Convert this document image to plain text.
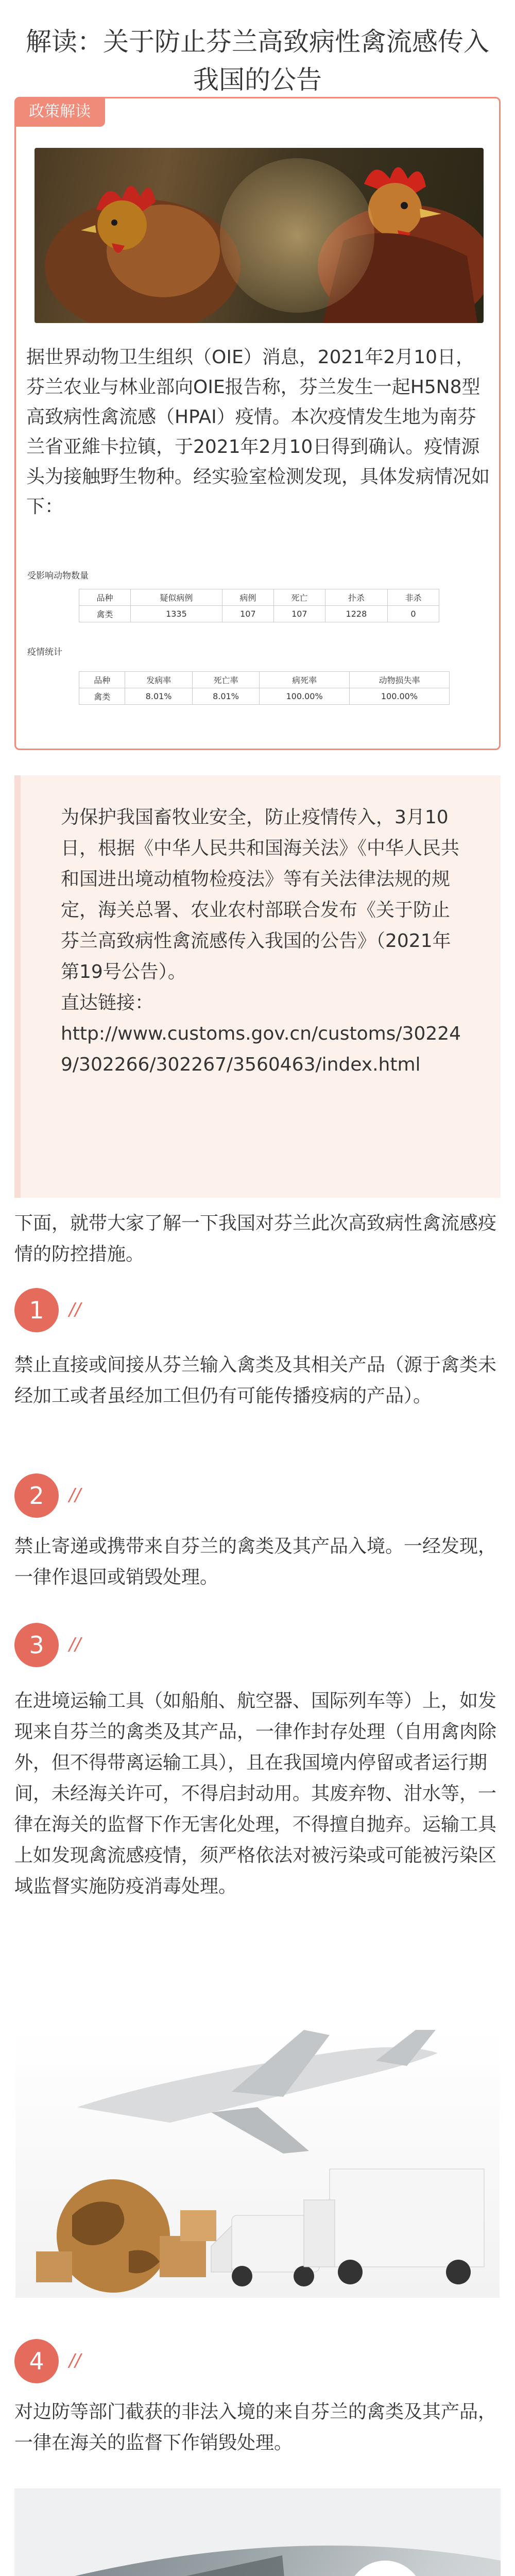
解读：关于防止芬兰高致病性禽流感传入我国的公告
政策解读
据世界动物卫生组织（OIE）消息，2021年2月10日，芬兰农业与林业部向OIE报告称，芬兰发生一起H5N8型高致病性禽流感（HPAI）疫情。本次疫情发生地为南芬兰省亚維卡拉镇，于2021年2月10日得到确认。疫情源头为接触野生物种。经实验室检测发现，具体发病情况如下：
受影响动物数量
品种	疑似病例	病例	死亡	扑杀	非杀
禽类	1335	107	107	1228	0
疫情统计
品种	发病率	死亡率	病死率	动物损失率
禽类	8.01%	8.01%	100.00%	100.00%
为保护我国畜牧业安全，防止疫情传入，3月10日，根据《中华人民共和国海关法》《中华人民共和国进出境动植物检疫法》等有关法律法规的规定，海关总署、农业农村部联合发布《关于防止芬兰高致病性禽流感传入我国的公告》（2021年第19号公告）。
直达链接：
http://www.customs.gov.cn/customs/302249/302266/302267/3560463/index.html
下面，就带大家了解一下我国对芬兰此次高致病性禽流感疫情的防控措施。
1	//
禁止直接或间接从芬兰输入禽类及其相关产品（源于禽类未经加工或者虽经加工但仍有可能传播疫病的产品）。
2	//
禁止寄递或携带来自芬兰的禽类及其产品入境。一经发现，一律作退回或销毁处理。
3	//
在进境运输工具（如船舶、航空器、国际列车等）上，如发现来自芬兰的禽类及其产品，一律作封存处理（自用禽肉除外，但不得带离运输工具），且在我国境内停留或者运行期间，未经海关许可，不得启封动用。其废弃物、泔水等，一律在海关的监督下作无害化处理，不得擅自抛弃。运输工具上如发现禽流感疫情，须严格依法对被污染或可能被污染区域监督实施防疫消毒处理。
4	//
对边防等部门截获的非法入境的来自芬兰的禽类及其产品，一律在海关的监督下作销毁处理。
